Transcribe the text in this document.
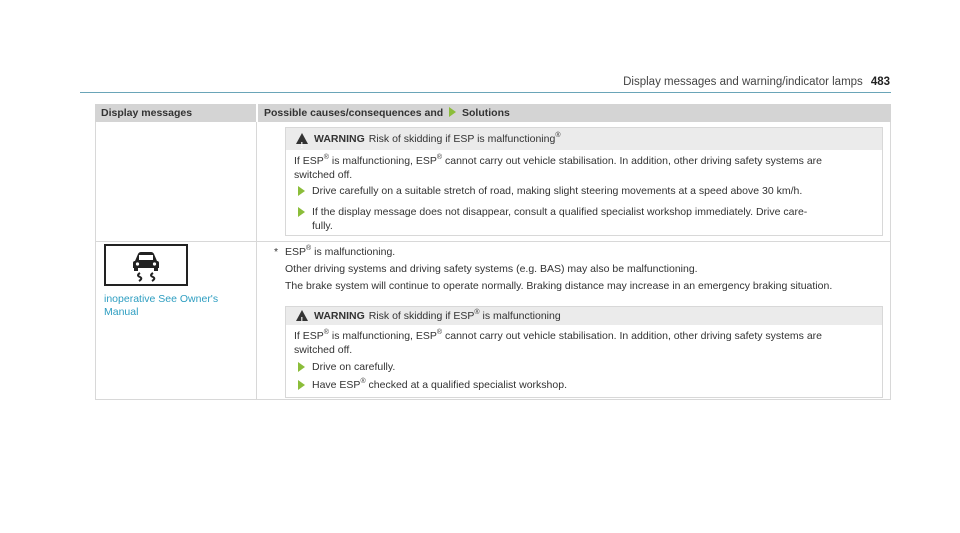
Display messages and warning/indicator lamps 483
Display messages	Possible causes/consequences and Solutions
!
WARNING Risk of skidding if ESP is malfunctioning®
If ESP® is malfunctioning, ESP® cannot carry out vehicle stabilisation. In addition, other driving safety systems are
switched off.
Drive carefully on a suitable stretch of road, making slight steering movements at a speed above 30 km/h.
If the display message does not disappear, consult a qualified specialist workshop immediately. Drive care-
fully.
inoperative See Owner's
Manual
* ESP® is malfunctioning.
Other driving systems and driving safety systems (e.g. BAS) may also be malfunctioning.
The brake system will continue to operate normally. Braking distance may increase in an emergency braking situation.
!
WARNING Risk of skidding if ESP® is malfunctioning
If ESP® is malfunctioning, ESP® cannot carry out vehicle stabilisation. In addition, other driving safety systems are
switched off.
Drive on carefully.
Have ESP® checked at a qualified specialist workshop.
